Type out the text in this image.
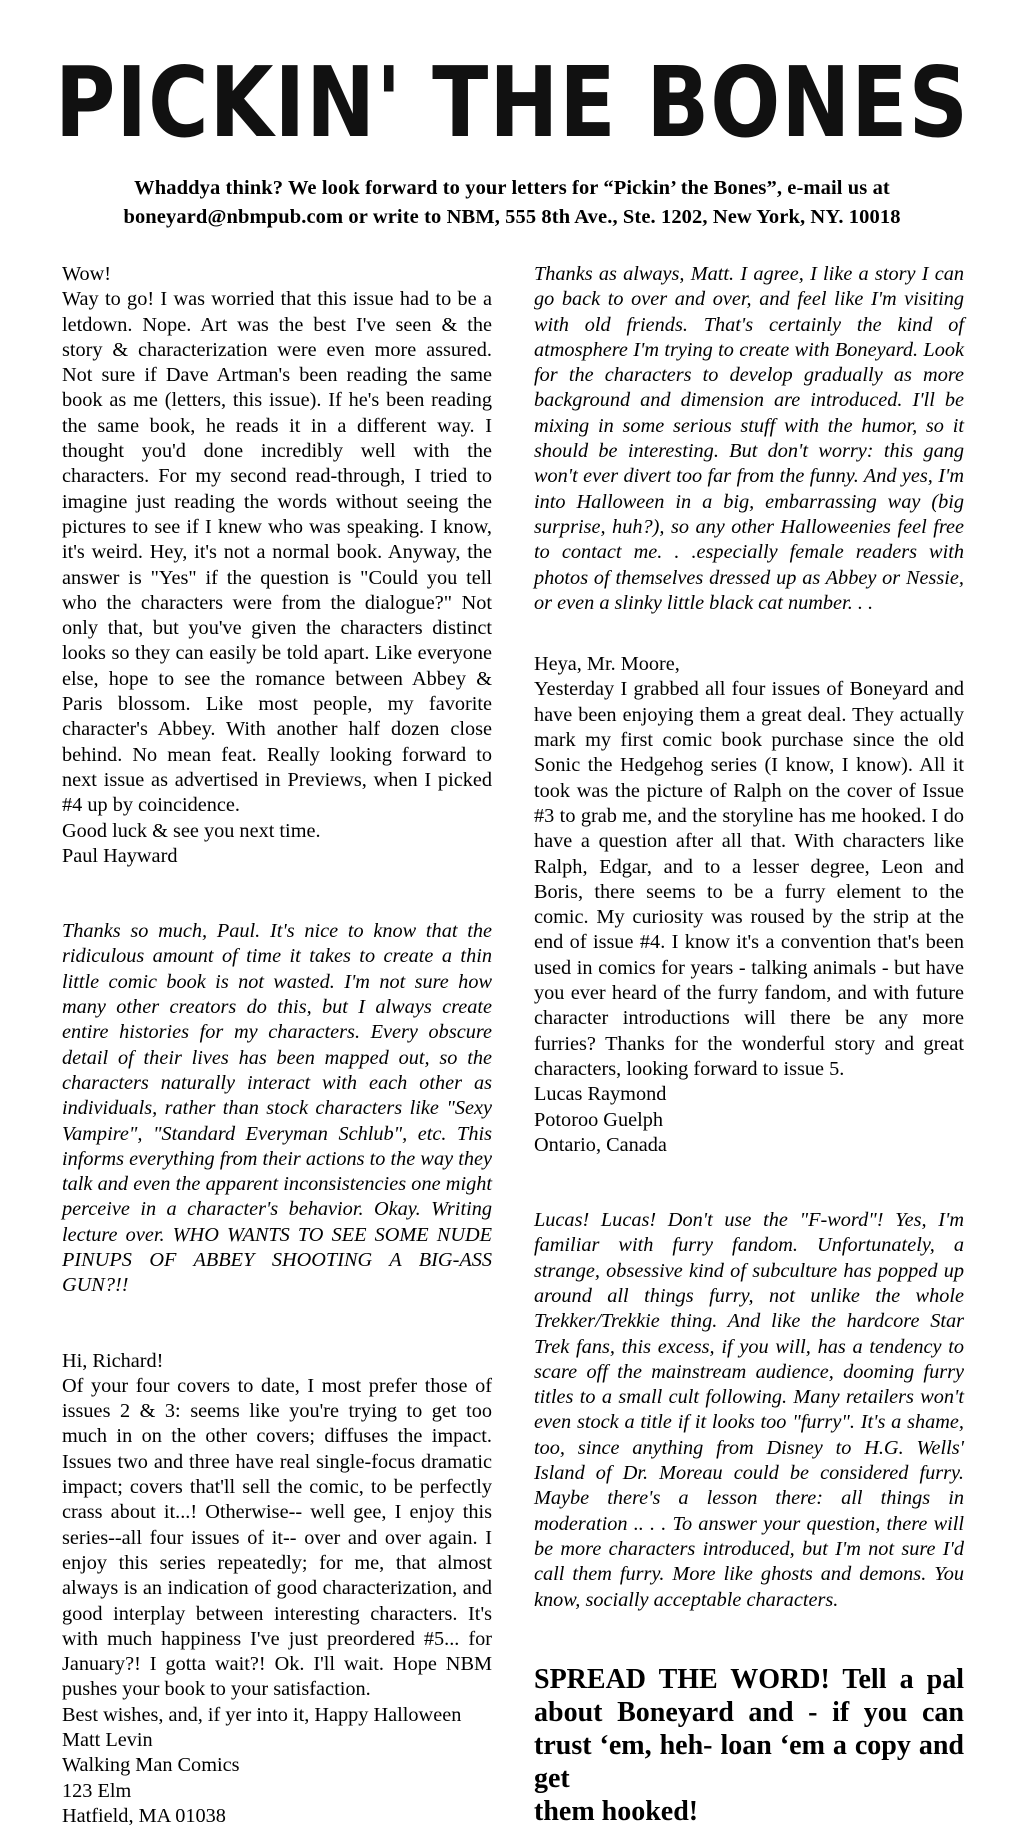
PICKIN' THE BONES
Whaddya think? We look forward to your letters for “Pickin’ the Bones”, e-mail us at
boneyard@nbmpub.com or write to NBM, 555 8th Ave., Ste. 1202, New York, NY. 10018

Wow!

Way to go! I was worried that this issue had to be a letdown. Nope. Art was the best I've seen & the story & characterization were even more assured. Not sure if Dave Artman's been reading the same book as me (letters, this issue). If he's been reading the same book, he reads it in a different way. I thought you'd done incredibly well with the characters. For my second read-through, I tried to imagine just reading the words without seeing the pictures to see if I knew who was speaking. I know, it's weird. Hey, it's not a normal book. Anyway, the answer is "Yes" if the question is "Could you tell who the characters were from the dialogue?" Not only that, but you've given the characters distinct looks so they can easily be told apart. Like everyone else, hope to see the romance between Abbey & Paris blossom. Like most people, my favorite character's Abbey. With another half dozen close behind. No mean feat. Really looking forward to next issue as advertised in Previews, when I picked #4 up by coincidence.

Good luck & see you next time.

Paul Hayward

Thanks so much, Paul. It's nice to know that the ridiculous amount of time it takes to create a thin little comic book is not wasted. I'm not sure how many other creators do this, but I always create entire histories for my characters. Every obscure detail of their lives has been mapped out, so the characters naturally interact with each other as individuals, rather than stock characters like "Sexy Vampire", "Standard Everyman Schlub", etc. This informs everything from their actions to the way they talk and even the apparent inconsistencies one might perceive in a character's behavior. Okay. Writing lecture over. WHO WANTS TO SEE SOME NUDE PINUPS OF ABBEY SHOOTING A BIG-ASS GUN?!!

Hi, Richard!

Of your four covers to date, I most prefer those of issues 2 & 3: seems like you're trying to get too much in on the other covers; diffuses the impact. Issues two and three have real single-focus dramatic impact; covers that'll sell the comic, to be perfectly crass about it...! Otherwise-- well gee, I enjoy this series--all four issues of it-- over and over again. I enjoy this series repeatedly; for me, that almost always is an indication of good characterization, and good interplay between interesting characters. It's with much happiness I've just preordered #5... for January?! I gotta wait?! Ok. I'll wait. Hope NBM pushes your book to your satisfaction.

Best wishes, and, if yer into it, Happy Halloween

Matt Levin

Walking Man Comics

123 Elm

Hatfield, MA 01038

Thanks as always, Matt. I agree, I like a story I can go back to over and over, and feel like I'm visiting with old friends. That's certainly the kind of atmosphere I'm trying to create with Boneyard. Look for the characters to develop gradually as more background and dimension are introduced. I'll be mixing in some serious stuff with the humor, so it should be interesting. But don't worry: this gang won't ever divert too far from the funny. And yes, I'm into Halloween in a big, embarrassing way (big surprise, huh?), so any other Halloweenies feel free to contact me. . .especially female readers with photos of themselves dressed up as Abbey or Nessie, or even a slinky little black cat number. . .

Heya, Mr. Moore,

Yesterday I grabbed all four issues of Boneyard and have been enjoying them a great deal. They actually mark my first comic book purchase since the old Sonic the Hedgehog series (I know, I know). All it took was the picture of Ralph on the cover of Issue #3 to grab me, and the storyline has me hooked. I do have a question after all that. With characters like Ralph, Edgar, and to a lesser degree, Leon and Boris, there seems to be a furry element to the comic. My curiosity was roused by the strip at the end of issue #4. I know it's a convention that's been used in comics for years - talking animals - but have you ever heard of the furry fandom, and with future character introductions will there be any more furries? Thanks for the wonderful story and great characters, looking forward to issue 5.

Lucas Raymond

Potoroo Guelph

Ontario, Canada

Lucas! Lucas! Don't use the "F-word"! Yes, I'm familiar with furry fandom. Unfortunately, a strange, obsessive kind of subculture has popped up around all things furry, not unlike the whole Trekker/Trekkie thing. And like the hardcore Star Trek fans, this excess, if you will, has a tendency to scare off the mainstream audience, dooming furry titles to a small cult following. Many retailers won't even stock a title if it looks too "furry". It's a shame, too, since anything from Disney to H.G. Wells' Island of Dr. Moreau could be considered furry. Maybe there's a lesson there: all things in moderation .. . . To answer your question, there will be more characters introduced, but I'm not sure I'd call them furry. More like ghosts and demons. You know, socially acceptable characters.

SPREAD THE WORD! Tell a pal about Boneyard and - if you can trust ‘em, heh- loan ‘em a copy and get
them hooked!
